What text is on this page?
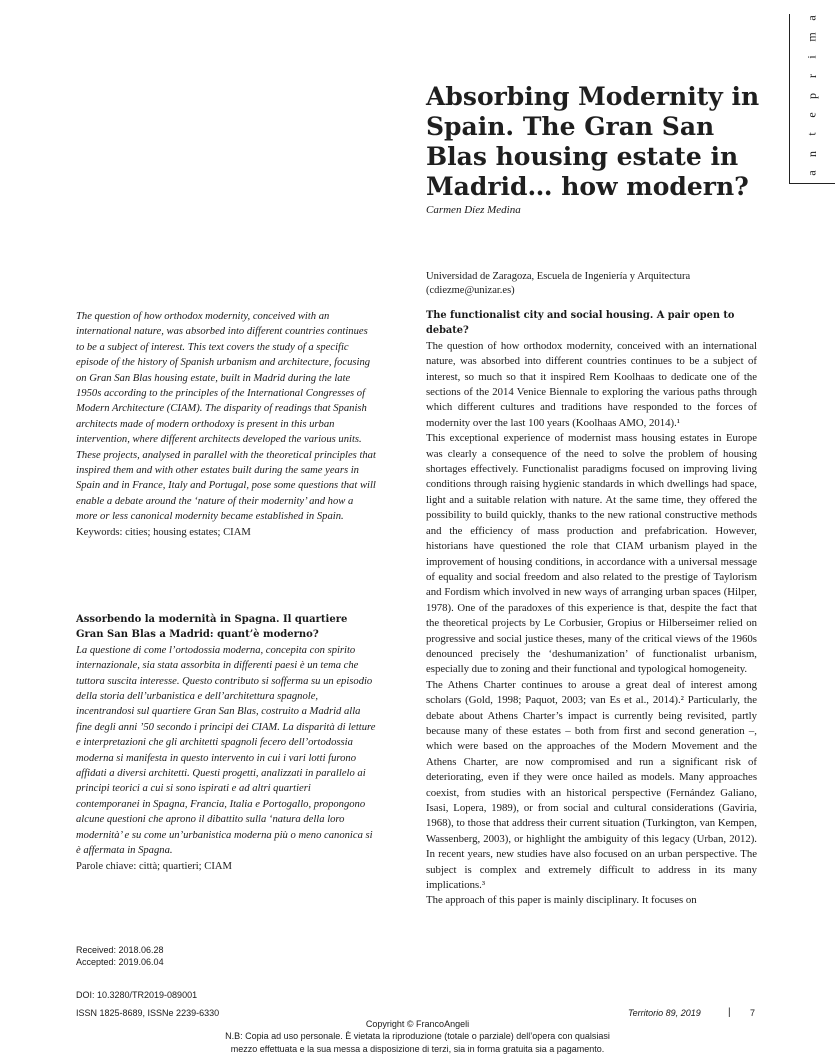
a
m
i
r
p
e
t
n
a
Absorbing Modernity in Spain. The Gran San Blas housing estate in Madrid… how modern?
Carmen Díez Medina
Universidad de Zaragoza, Escuela de Ingeniería y Arquitectura (cdiezme@unizar.es)

The question of how orthodox modernity, conceived with an international nature, was absorbed into different countries continues to be a subject of interest. This text covers the study of a specific episode of the history of Spanish urbanism and architecture, focusing on Gran San Blas housing estate, built in Madrid during the late 1950s according to the principles of the International Congresses of Modern Architecture (CIAM). The disparity of readings that Spanish architects made of modern orthodoxy is present in this urban intervention, where different architects developed the various units. These projects, analysed in parallel with the theoretical principles that inspired them and with other estates built during the same years in Spain and in France, Italy and Portugal, pose some questions that will enable a debate around the ‘nature of their modernity’ and how a more or less canonical modernity became established in Spain.

Keywords: cities; housing estates; CIAM

Assorbendo la modernità in Spagna. Il quartiere Gran San Blas a Madrid: quant’è moderno?

La questione di come l’ortodossia moderna, concepita con spirito internazionale, sia stata assorbita in differenti paesi è un tema che tuttora suscita interesse. Questo contributo si sofferma su un episodio della storia dell’urbanistica e dell’architettura spagnole, incentrandosi sul quartiere Gran San Blas, costruito a Madrid alla fine degli anni ’50 secondo i principi dei CIAM. La disparità di letture e interpretazioni che gli architetti spagnoli fecero dell’ortodossia moderna si manifesta in questo intervento in cui i vari lotti furono affidati a diversi architetti. Questi progetti, analizzati in parallelo ai principi teorici a cui si sono ispirati e ad altri quartieri contemporanei in Spagna, Francia, Italia e Portogallo, propongono alcune questioni che aprono il dibattito sulla ‘natura della loro modernità’ e su come un’urbanistica moderna più o meno canonica si è affermata in Spagna.

Parole chiave: città; quartieri; CIAM

Received: 2018.06.28
Accepted: 2019.06.04
DOI: 10.3280/TR2019-089001
ISSN 1825-8689, ISSNe 2239-6330

The functionalist city and social housing. A pair open to debate?

The question of how orthodox modernity, conceived with an international nature, was absorbed into different countries continues to be a subject of interest, so much so that it inspired Rem Koolhaas to dedicate one of the sections of the 2014 Venice Biennale to exploring the various paths through which different cultures and traditions have responded to the forces of modernity over the last 100 years (Koolhaas AMO, 2014).¹

This exceptional experience of modernist mass housing estates in Europe was clearly a consequence of the need to solve the problem of housing shortages effectively. Functionalist paradigms focused on improving living conditions through raising hygienic standards in which dwellings had space, light and a suitable relation with nature. At the same time, they offered the possibility to build quickly, thanks to the new rational constructive methods and the efficiency of mass production and prefabrication. However, historians have questioned the role that CIAM urbanism played in the improvement of housing conditions, in accordance with a universal message of equality and social freedom and also related to the prestige of Taylorism and Fordism which involved in new ways of arranging urban spaces (Hilper, 1978). One of the paradoxes of this experience is that, despite the fact that the theoretical projects by Le Corbusier, Gropius or Hilberseimer relied on progressive and social justice theses, many of the critical views of the 1960s denounced precisely the ‘deshumanization’ of functionalist urbanism, especially due to zoning and their functional and typological homogeneity.

The Athens Charter continues to arouse a great deal of interest among scholars (Gold, 1998; Paquot, 2003; van Es et al., 2014).² Particularly, the debate about Athens Charter’s impact is currently being revisited, partly because many of these estates – both from first and second generation –, which were based on the approaches of the Modern Movement and the Athens Charter, are now compromised and run a significant risk of deteriorating, even if they were once hailed as models. Many approaches coexist, from studies with an historical perspective (Fernández Galiano, Isasi, Lopera, 1989), or from social and cultural considerations (Gaviria, 1968), to those that address their current situation (Turkington, van Kempen, Wassenberg, 2003), or highlight the ambiguity of this legacy (Urban, 2012). In recent years, new studies have also focused on an urban perspective. The subject is complex and extremely difficult to address in its many implications.³

The approach of this paper is mainly disciplinary. It focuses on

Territorio 89, 2019	| 7
Copyright © FrancoAngeli
N.B: Copia ad uso personale. È vietata la riproduzione (totale o parziale) dell’opera con qualsiasi
mezzo effettuata e la sua messa a disposizione di terzi, sia in forma gratuita sia a pagamento.
